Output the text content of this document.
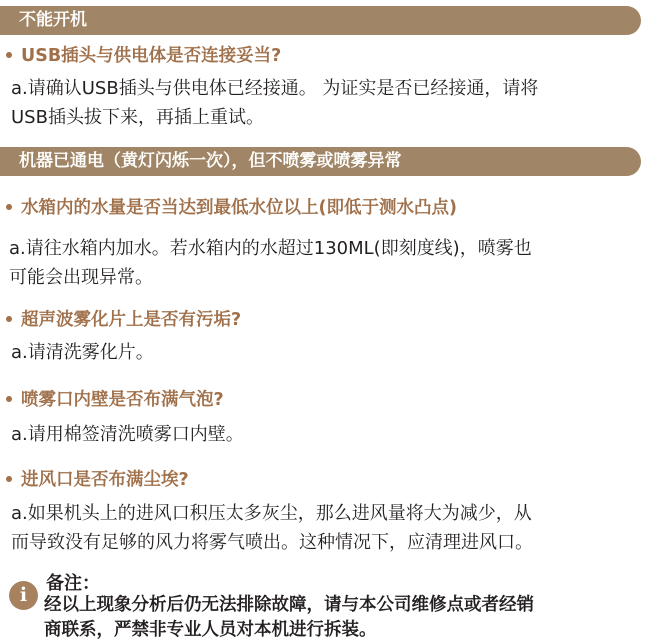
不能开机
USB插头与供电体是否连接妥当?

a.请确认USB插头与供电体已经接通。 为证实是否已经接通，请将

USB插头拔下来，再插上重试。

机器已通电（黄灯闪烁一次），但不喷雾或喷雾异常
水箱内的水量是否当达到最低水位以上(即低于测水凸点)

a.请往水箱内加水。若水箱内的水超过130ML(即刻度线)，喷雾也

可能会出现异常。

超声波雾化片上是否有污垢?

a.请清洗雾化片。

喷雾口内壁是否布满气泡?

a.请用棉签清洗喷雾口内壁。

进风口是否布满尘埃?

a.如果机头上的进风口积压太多灰尘，那么进风量将大为减少，从

而导致没有足够的风力将雾气喷出。这种情况下，应清理进风口。

i
备注：

经以上现象分析后仍无法排除故障，请与本公司维修点或者经销

商联系，严禁非专业人员对本机进行拆装。
